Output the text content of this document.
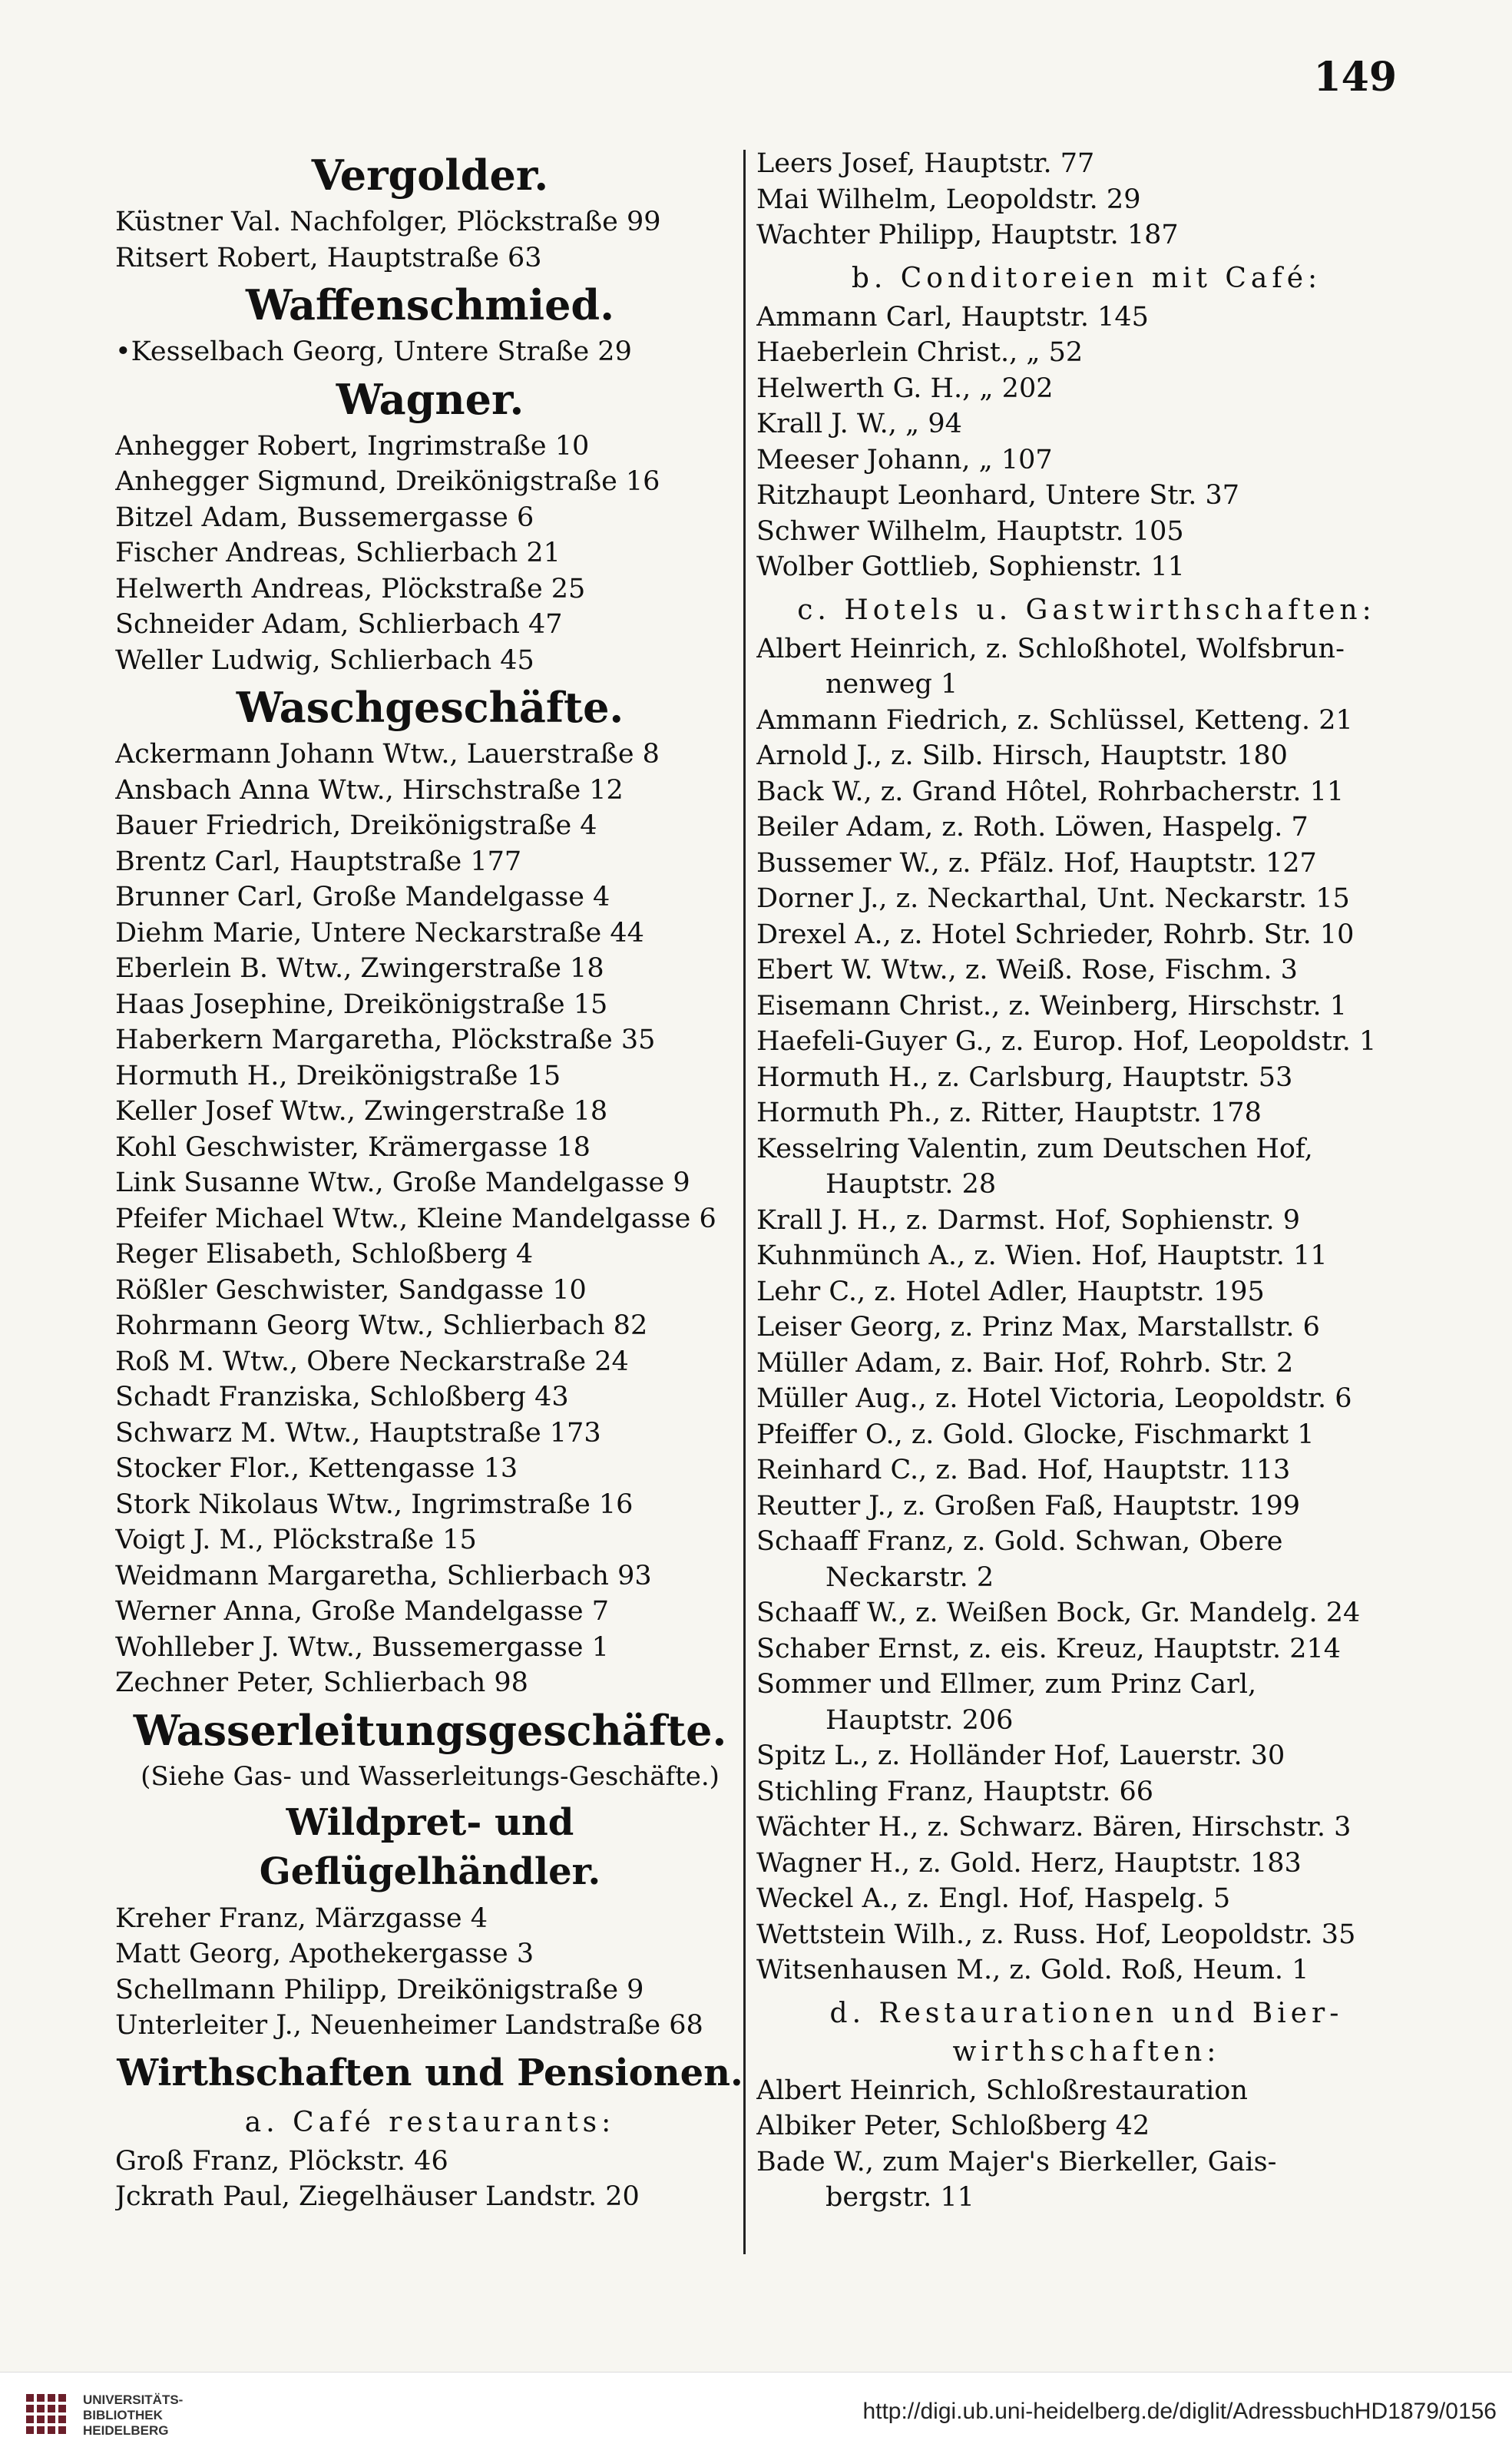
149
Vergolder.
Küstner Val. Nachfolger, Plöckstraße 99
Ritsert Robert, Hauptstraße 63
Waffenschmied.
•Kesselbach Georg, Untere Straße 29
Wagner.
Anhegger Robert, Ingrimstraße 10
Anhegger Sigmund, Dreikönigstraße 16
Bitzel Adam, Bussemergasse 6
Fischer Andreas, Schlierbach 21
Helwerth Andreas, Plöckstraße 25
Schneider Adam, Schlierbach 47
Weller Ludwig, Schlierbach 45
Waschgeschäfte.
Ackermann Johann Wtw., Lauerstraße 8
Ansbach Anna Wtw., Hirschstraße 12
Bauer Friedrich, Dreikönigstraße 4
Brentz Carl, Hauptstraße 177
Brunner Carl, Große Mandelgasse 4
Diehm Marie, Untere Neckarstraße 44
Eberlein B. Wtw., Zwingerstraße 18
Haas Josephine, Dreikönigstraße 15
Haberkern Margaretha, Plöckstraße 35
Hormuth H., Dreikönigstraße 15
Keller Josef Wtw., Zwingerstraße 18
Kohl Geschwister, Krämergasse 18
Link Susanne Wtw., Große Mandelgasse 9
Pfeifer Michael Wtw., Kleine Mandelgasse 6
Reger Elisabeth, Schloßberg 4
Rößler Geschwister, Sandgasse 10
Rohrmann Georg Wtw., Schlierbach 82
Roß M. Wtw., Obere Neckarstraße 24
Schadt Franziska, Schloßberg 43
Schwarz M. Wtw., Hauptstraße 173
Stocker Flor., Kettengasse 13
Stork Nikolaus Wtw., Ingrimstraße 16
Voigt J. M., Plöckstraße 15
Weidmann Margaretha, Schlierbach 93
Werner Anna, Große Mandelgasse 7
Wohlleber J. Wtw., Bussemergasse 1
Zechner Peter, Schlierbach 98
Wasserleitungsgeschäfte.
(Siehe Gas- und Wasserleitungs-Geschäfte.)
Wildpret- und Geflügelhändler.
Kreher Franz, Märzgasse 4
Matt Georg, Apothekergasse 3
Schellmann Philipp, Dreikönigstraße 9
Unterleiter J., Neuenheimer Landstraße 68
Wirthschaften und Pensionen.
a. Café restaurants:
Groß Franz, Plöckstr. 46
Jckrath Paul, Ziegelhäuser Landstr. 20
Leers Josef, Hauptstr. 77
Mai Wilhelm, Leopoldstr. 29
Wachter Philipp, Hauptstr. 187
b. Conditoreien mit Café:
Ammann Carl, Hauptstr. 145
Haeberlein Christ., „ 52
Helwerth G. H., „ 202
Krall J. W., „ 94
Meeser Johann, „ 107
Ritzhaupt Leonhard, Untere Str. 37
Schwer Wilhelm, Hauptstr. 105
Wolber Gottlieb, Sophienstr. 11
c. Hotels u. Gastwirthschaften:
Albert Heinrich, z. Schloßhotel, Wolfsbrun-
nenweg 1
Ammann Fiedrich, z. Schlüssel, Ketteng. 21
Arnold J., z. Silb. Hirsch, Hauptstr. 180
Back W., z. Grand Hôtel, Rohrbacherstr. 11
Beiler Adam, z. Roth. Löwen, Haspelg. 7
Bussemer W., z. Pfälz. Hof, Hauptstr. 127
Dorner J., z. Neckarthal, Unt. Neckarstr. 15
Drexel A., z. Hotel Schrieder, Rohrb. Str. 10
Ebert W. Wtw., z. Weiß. Rose, Fischm. 3
Eisemann Christ., z. Weinberg, Hirschstr. 1
Haefeli-Guyer G., z. Europ. Hof, Leopoldstr. 1
Hormuth H., z. Carlsburg, Hauptstr. 53
Hormuth Ph., z. Ritter, Hauptstr. 178
Kesselring Valentin, zum Deutschen Hof,
Hauptstr. 28
Krall J. H., z. Darmst. Hof, Sophienstr. 9
Kuhnmünch A., z. Wien. Hof, Hauptstr. 11
Lehr C., z. Hotel Adler, Hauptstr. 195
Leiser Georg, z. Prinz Max, Marstallstr. 6
Müller Adam, z. Bair. Hof, Rohrb. Str. 2
Müller Aug., z. Hotel Victoria, Leopoldstr. 6
Pfeiffer O., z. Gold. Glocke, Fischmarkt 1
Reinhard C., z. Bad. Hof, Hauptstr. 113
Reutter J., z. Großen Faß, Hauptstr. 199
Schaaff Franz, z. Gold. Schwan, Obere
Neckarstr. 2
Schaaff W., z. Weißen Bock, Gr. Mandelg. 24
Schaber Ernst, z. eis. Kreuz, Hauptstr. 214
Sommer und Ellmer, zum Prinz Carl,
Hauptstr. 206
Spitz L., z. Holländer Hof, Lauerstr. 30
Stichling Franz, Hauptstr. 66
Wächter H., z. Schwarz. Bären, Hirschstr. 3
Wagner H., z. Gold. Herz, Hauptstr. 183
Weckel A., z. Engl. Hof, Haspelg. 5
Wettstein Wilh., z. Russ. Hof, Leopoldstr. 35
Witsenhausen M., z. Gold. Roß, Heum. 1
d. Restaurationen und Bier-
wirthschaften:
Albert Heinrich, Schloßrestauration
Albiker Peter, Schloßberg 42
Bade W., zum Majer's Bierkeller, Gais-
bergstr. 11
UNIVERSITÄTS-
BIBLIOTHEK
HEIDELBERG
http://digi.ub.uni-heidelberg.de/diglit/AdressbuchHD1879/0156
